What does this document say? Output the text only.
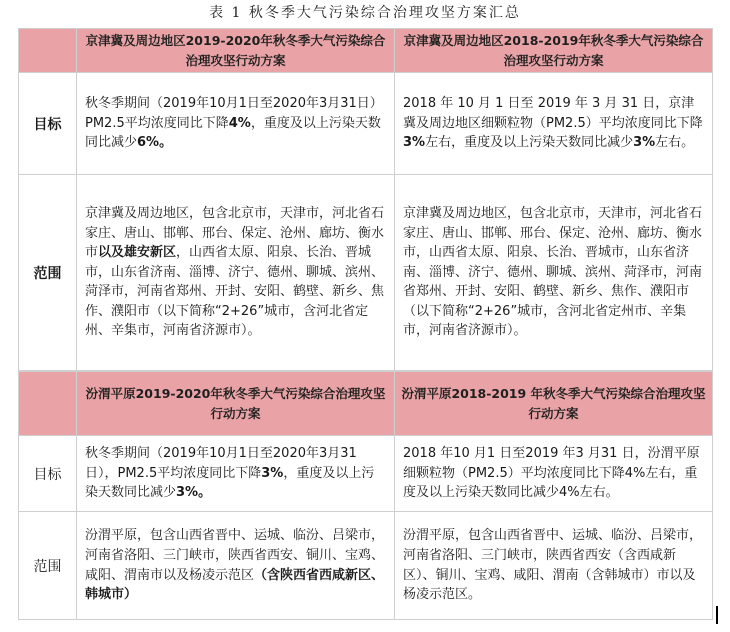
表 1 秋冬季大气污染综合治理攻坚方案汇总
	京津冀及周边地区2019-2020年秋冬季大气污染综合治理攻坚行动方案	京津冀及周边地区2018-2019年秋冬季大气污染综合治理攻坚行动方案
目标	秋冬季期间（2019年10月1日至2020年3月31日）PM2.5平均浓度同比下降4%，重度及以上污染天数同比减少6%。	2018 年 10 月 1 日至 2019 年 3 月 31 日，京津冀及周边地区细颗粒物（PM2.5）平均浓度同比下降 3%左右，重度及以上污染天数同比减少3%左右。
范围	京津冀及周边地区，包含北京市，天津市，河北省石家庄、唐山、邯郸、邢台、保定、沧州、廊坊、衡水市以及雄安新区，山西省太原、阳泉、长治、晋城市，山东省济南、淄博、济宁、德州、聊城、滨州、菏泽市，河南省郑州、开封、安阳、鹤壁、新乡、焦作、濮阳市（以下简称“2+26”城市，含河北省定州、辛集市，河南省济源市）。	京津冀及周边地区，包含北京市，天津市，河北省石家庄、唐山、邯郸、邢台、保定、沧州、廊坊、衡水市，山西省太原、阳泉、长治、晋城市，山东省济南、淄博、济宁、德州、聊城、滨州、菏泽市，河南省郑州、开封、安阳、鹤壁、新乡、焦作、濮阳市（以下简称“2+26”城市，含河北省定州市、辛集市，河南省济源市）。
	汾渭平原2019-2020年秋冬季大气污染综合治理攻坚行动方案	汾渭平原2018-2019 年秋冬季大气污染综合治理攻坚行动方案
目标	秋冬季期间（2019年10月1日至2020年3月31日），PM2.5平均浓度同比下降3%，重度及以上污染天数同比减少3%。	2018 年10 月1 日至2019 年3 月31 日，汾渭平原细颗粒物（PM2.5）平均浓度同比下降4%左右，重度及以上污染天数同比减少4%左右。
范围	汾渭平原，包含山西省晋中、运城、临汾、吕梁市，河南省洛阳、三门峡市，陕西省西安、铜川、宝鸡、咸阳、渭南市以及杨凌示范区（含陕西省西咸新区、韩城市）	汾渭平原，包含山西省晋中、运城、临汾、吕梁市，河南省洛阳、三门峡市，陕西省西安（含西咸新区）、铜川、宝鸡、咸阳、渭南（含韩城市）市以及杨凌示范区。
